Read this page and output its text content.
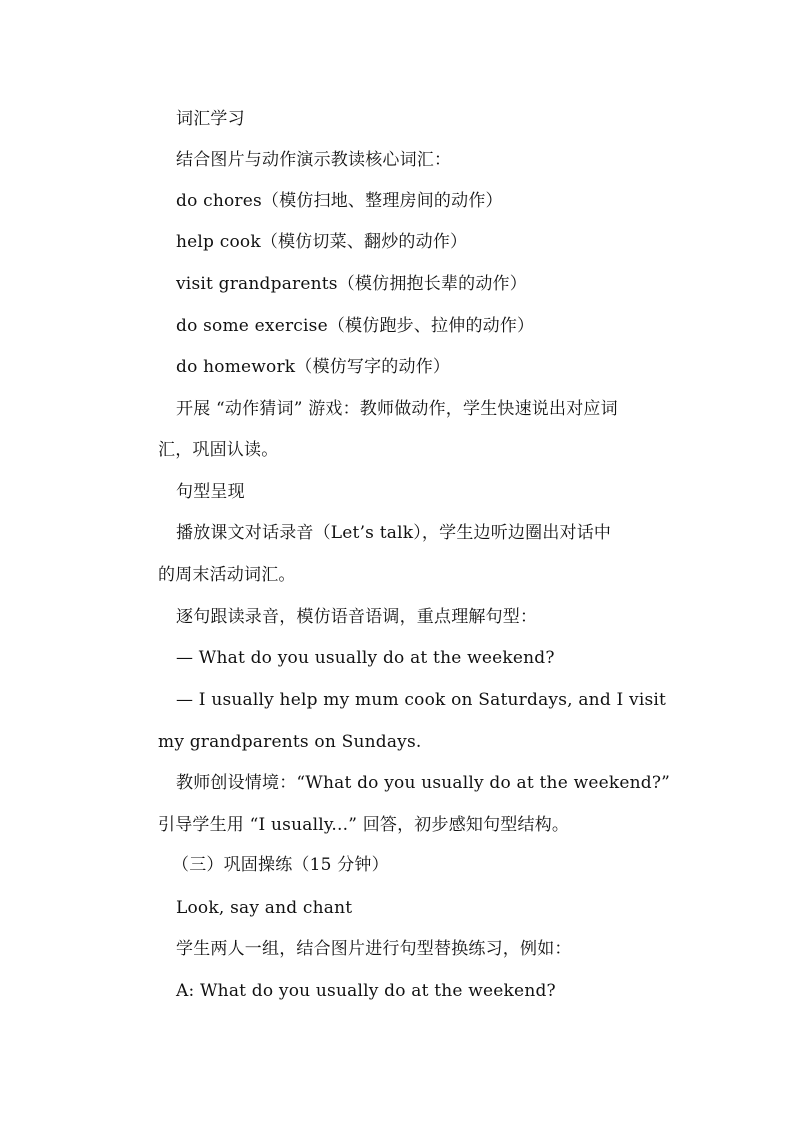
词汇学习
结合图片与动作演示教读核心词汇：
do chores（模仿扫地、整理房间的动作）
help cook（模仿切菜、翻炒的动作）
visit grandparents（模仿拥抱长辈的动作）
do some exercise（模仿跑步、拉伸的动作）
do homework（模仿写字的动作）
开展 “动作猜词” 游戏：教师做动作，学生快速说出对应词
汇，巩固认读。
句型呈现
播放课文对话录音（Let’s talk），学生边听边圈出对话中
的周末活动词汇。
逐句跟读录音，模仿语音语调，重点理解句型：
— What do you usually do at the weekend?
— I usually help my mum cook on Saturdays, and I visit
my grandparents on Sundays.
教师创设情境：“What do you usually do at the weekend?”
引导学生用 “I usually...” 回答，初步感知句型结构。
（三）巩固操练（15 分钟）
Look, say and chant
学生两人一组，结合图片进行句型替换练习，例如：
A: What do you usually do at the weekend?
